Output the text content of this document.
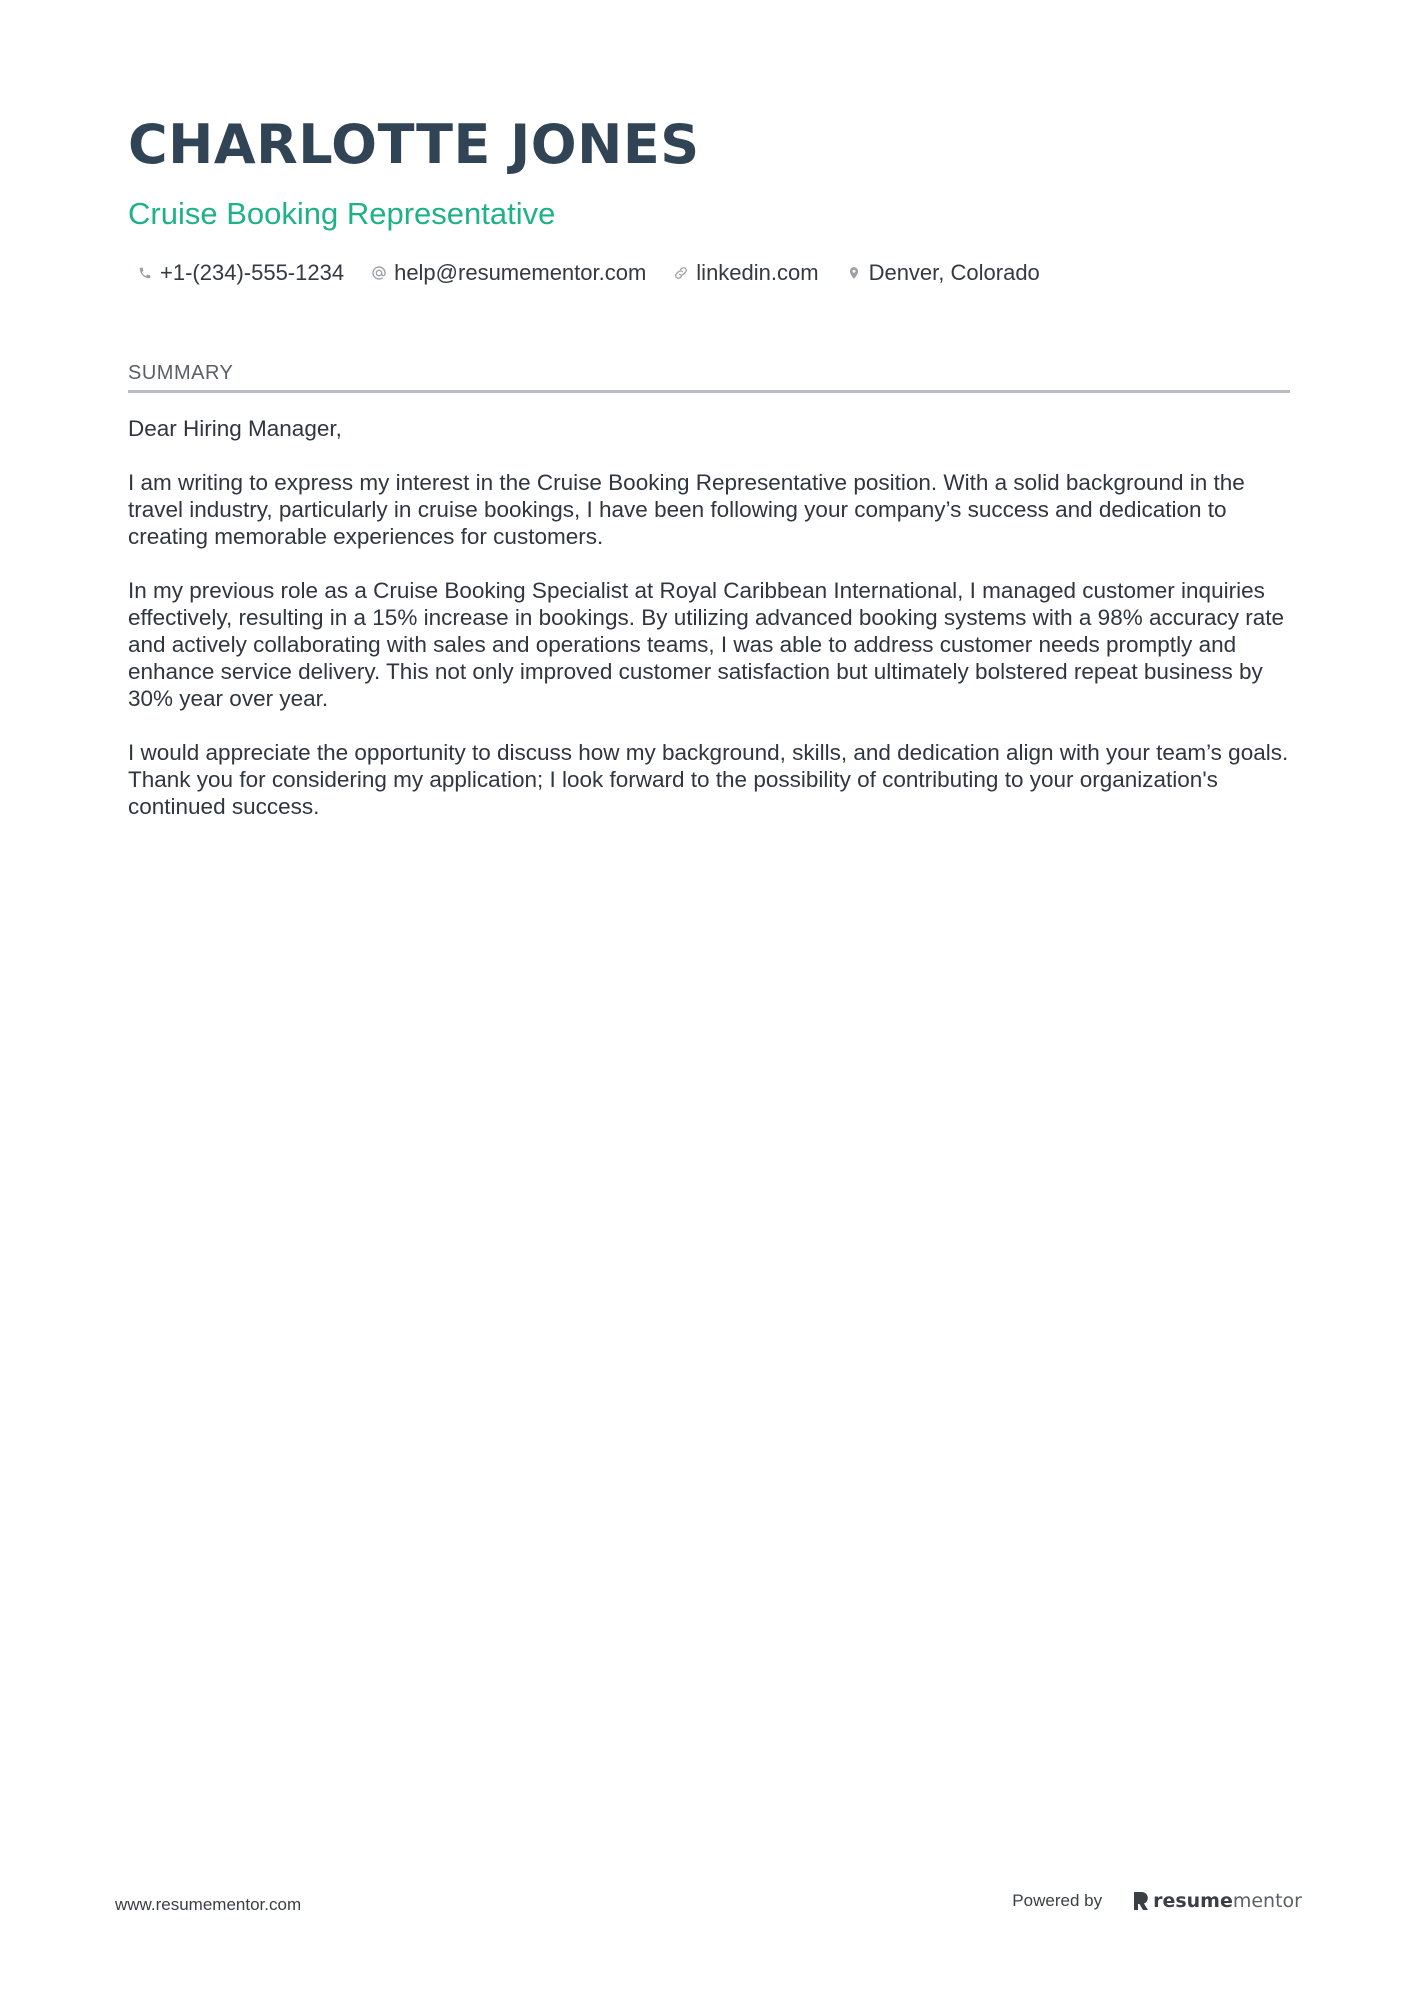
CHARLOTTE JONES
Cruise Booking Representative
+1-(234)-555-1234 help@resumementor.com linkedin.com Denver, Colorado
SUMMARY

Dear Hiring Manager,

I am writing to express my interest in the Cruise Booking Representative position. With a solid background in the travel industry, particularly in cruise bookings, I have been following your company’s success and dedication to creating memorable experiences for customers.

In my previous role as a Cruise Booking Specialist at Royal Caribbean International, I managed customer inquiries effectively, resulting in a 15% increase in bookings. By utilizing advanced booking systems with a 98% accuracy rate and actively collaborating with sales and operations teams, I was able to address customer needs promptly and enhance service delivery. This not only improved customer satisfaction but ultimately bolstered repeat business by 30% year over year.

I would appreciate the opportunity to discuss how my background, skills, and dedication align with your team’s goals. Thank you for considering my application; I look forward to the possibility of contributing to your organization's continued success.

www.resumementor.com	Powered by	resumementor
